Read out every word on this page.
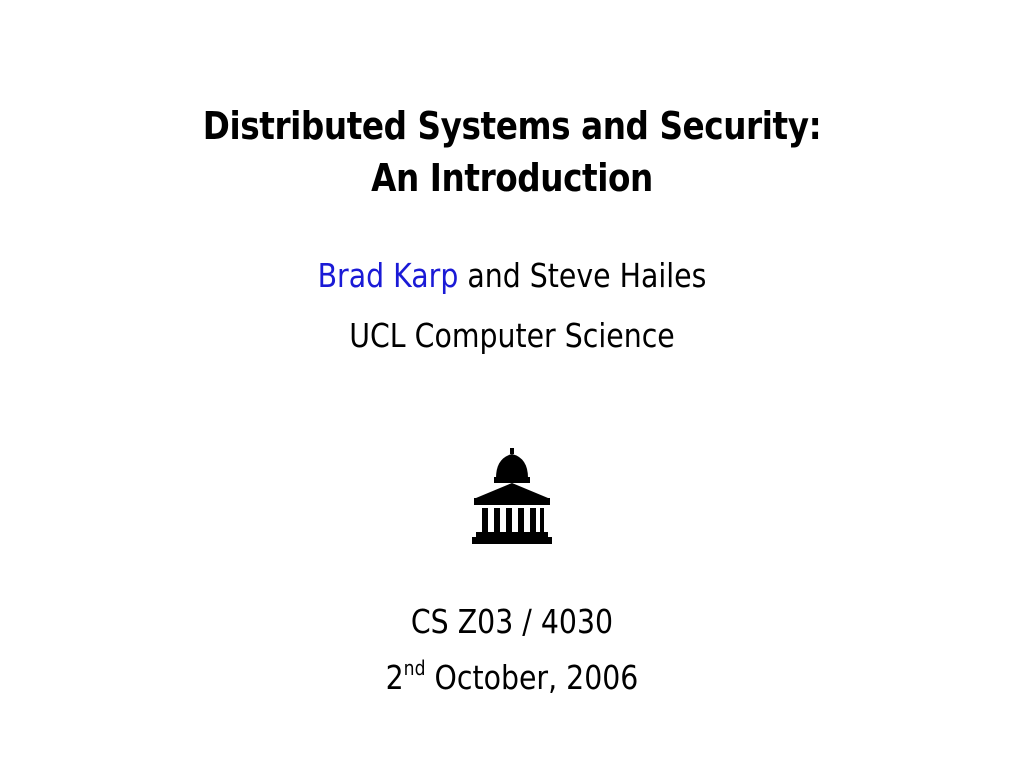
Distributed Systems and Security:
An Introduction
Brad Karp and Steve Hailes
UCL Computer Science
CS Z03 / 4030
2nd October, 2006
